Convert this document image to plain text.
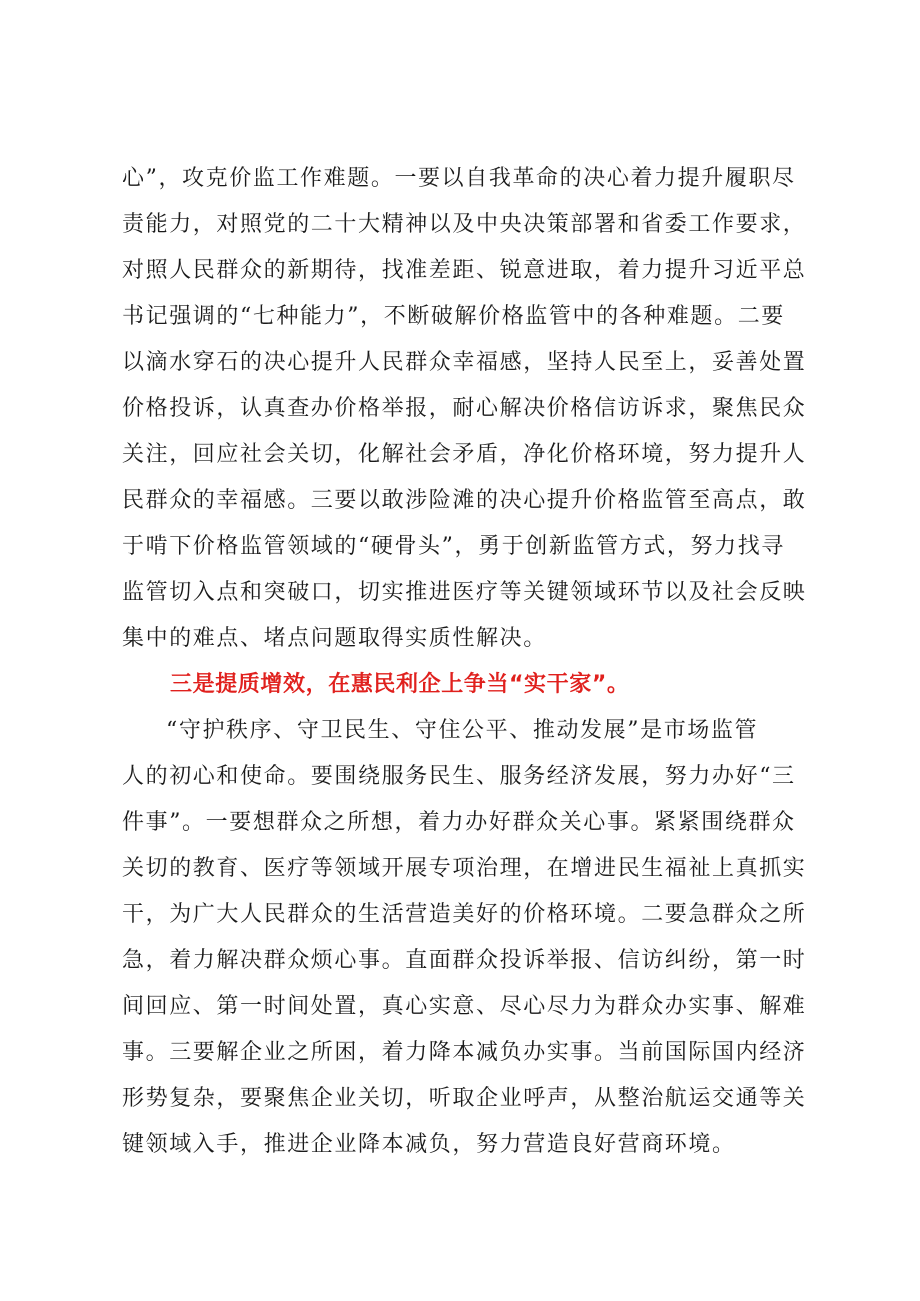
心”，攻克价监工作难题。一要以自我革命的决心着力提升履职尽
责能力，对照党的二十大精神以及中央决策部署和省委工作要求，
对照人民群众的新期待，找准差距、锐意进取，着力提升习近平总
书记强调的“七种能力”，不断破解价格监管中的各种难题。二要
以滴水穿石的决心提升人民群众幸福感，坚持人民至上，妥善处置
价格投诉，认真查办价格举报，耐心解决价格信访诉求，聚焦民众
关注，回应社会关切，化解社会矛盾，净化价格环境，努力提升人
民群众的幸福感。三要以敢涉险滩的决心提升价格监管至高点，敢
于啃下价格监管领域的“硬骨头”，勇于创新监管方式，努力找寻
监管切入点和突破口，切实推进医疗等关键领域环节以及社会反映
集中的难点、堵点问题取得实质性解决。
三是提质增效，在惠民利企上争当“实干家”。
“守护秩序、守卫民生、守住公平、推动发展”是市场监管
人的初心和使命。要围绕服务民生、服务经济发展，努力办好“三
件事”。一要想群众之所想，着力办好群众关心事。紧紧围绕群众
关切的教育、医疗等领域开展专项治理，在增进民生福祉上真抓实
干，为广大人民群众的生活营造美好的价格环境。二要急群众之所
急，着力解决群众烦心事。直面群众投诉举报、信访纠纷，第一时
间回应、第一时间处置，真心实意、尽心尽力为群众办实事、解难
事。三要解企业之所困，着力降本减负办实事。当前国际国内经济
形势复杂，要聚焦企业关切，听取企业呼声，从整治航运交通等关
键领域入手，推进企业降本减负，努力营造良好营商环境。
